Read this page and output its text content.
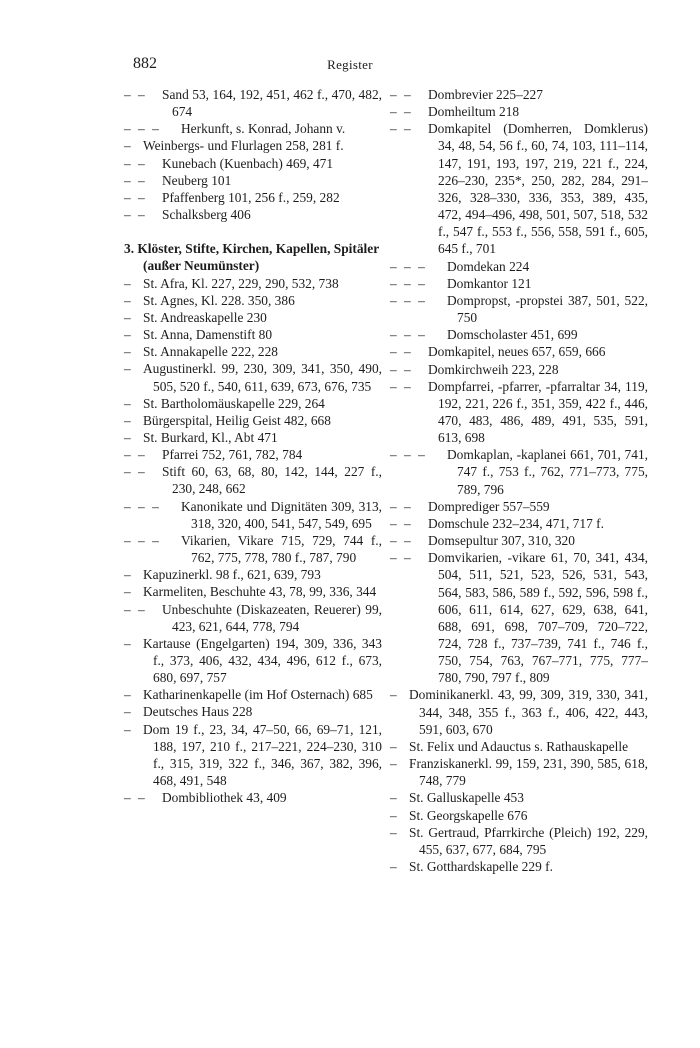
882	Register
– – Sand 53, 164, 192, 451, 462 f., 470, 482, 674
– – – Herkunft, s. Konrad, Johann v.
– Weinbergs- und Flurlagen 258, 281 f.
– – Kunebach (Kuenbach) 469, 471
– – Neuberg 101
– – Pfaffenberg 101, 256 f., 259, 282
– – Schalksberg 406
3. Klöster, Stifte, Kirchen, Kapellen, Spitäler (außer Neumünster)
– St. Afra, Kl. 227, 229, 290, 532, 738
– St. Agnes, Kl. 228. 350, 386
– St. Andreaskapelle 230
– St. Anna, Damenstift 80
– St. Annakapelle 222, 228
– Augustinerkl. 99, 230, 309, 341, 350, 490, 505, 520 f., 540, 611, 639, 673, 676, 735
– St. Bartholomäuskapelle 229, 264
– Bürgerspital, Heilig Geist 482, 668
– St. Burkard, Kl., Abt 471
– – Pfarrei 752, 761, 782, 784
– – Stift 60, 63, 68, 80, 142, 144, 227 f., 230, 248, 662
– – – Kanonikate und Dignitäten 309, 313, 318, 320, 400, 541, 547, 549, 695
– – – Vikarien, Vikare 715, 729, 744 f., 762, 775, 778, 780 f., 787, 790
– Kapuzinerkl. 98 f., 621, 639, 793
– Karmeliten, Beschuhte 43, 78, 99, 336, 344
– – Unbeschuhte (Diskazeaten, Reuerer) 99, 423, 621, 644, 778, 794
– Kartause (Engelgarten) 194, 309, 336, 343 f., 373, 406, 432, 434, 496, 612 f., 673, 680, 697, 757
– Katharinenkapelle (im Hof Osternach) 685
– Deutsches Haus 228
– Dom 19 f., 23, 34, 47–50, 66, 69–71, 121, 188, 197, 210 f., 217–221, 224–230, 310 f., 315, 319, 322 f., 346, 367, 382, 396, 468, 491, 548
– – Dombibliothek 43, 409
– – Dombrevier 225–227
– – Domheiltum 218
– – Domkapitel (Domherren, Domklerus) 34, 48, 54, 56 f., 60, 74, 103, 111–114, 147, 191, 193, 197, 219, 221 f., 224, 226–230, 235*, 250, 282, 284, 291–326, 328–330, 336, 353, 389, 435, 472, 494–496, 498, 501, 507, 518, 532 f., 547 f., 553 f., 556, 558, 591 f., 605, 645 f., 701
– – – Domdekan 224
– – – Domkantor 121
– – – Dompropst, -propstei 387, 501, 522, 750
– – – Domscholaster 451, 699
– – Domkapitel, neues 657, 659, 666
– – Domkirchweih 223, 228
– – Dompfarrei, -pfarrer, -pfarraltar 34, 119, 192, 221, 226 f., 351, 359, 422 f., 446, 470, 483, 486, 489, 491, 535, 591, 613, 698
– – – Domkaplan, -kaplanei 661, 701, 741, 747 f., 753 f., 762, 771–773, 775, 789, 796
– – Domprediger 557–559
– – Domschule 232–234, 471, 717 f.
– – Domsepultur 307, 310, 320
– – Domvikarien, -vikare 61, 70, 341, 434, 504, 511, 521, 523, 526, 531, 543, 564, 583, 586, 589 f., 592, 596, 598 f., 606, 611, 614, 627, 629, 638, 641, 688, 691, 698, 707–709, 720–722, 724, 728 f., 737–739, 741 f., 746 f., 750, 754, 763, 767–771, 775, 777–780, 790, 797 f., 809
– Dominikanerkl. 43, 99, 309, 319, 330, 341, 344, 348, 355 f., 363 f., 406, 422, 443, 591, 603, 670
– St. Felix und Adauctus s. Rathauskapelle
– Franziskanerkl. 99, 159, 231, 390, 585, 618, 748, 779
– St. Galluskapelle 453
– St. Georgskapelle 676
– St. Gertraud, Pfarrkirche (Pleich) 192, 229, 455, 637, 677, 684, 795
– St. Gotthardskapelle 229 f.
